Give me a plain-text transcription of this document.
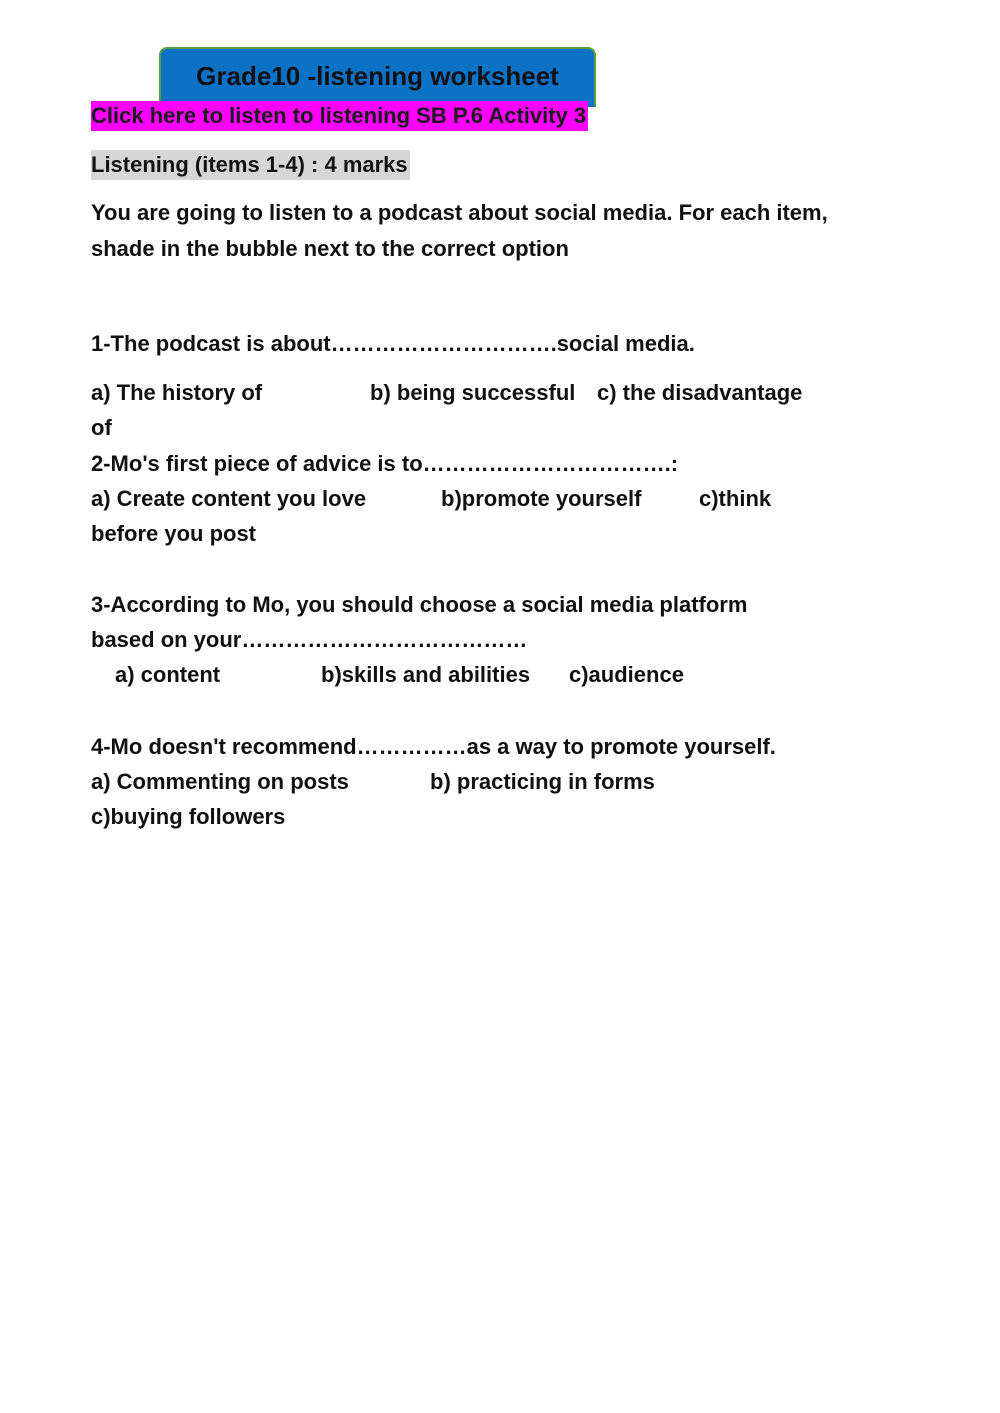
Grade10 -listening worksheet
Click here to listen to listening SB P.6 Activity 3
Listening (items 1-4) : 4 marks
You are going to listen to a podcast about social media. For each item,
shade in the bubble next to the correct option
1-The podcast is about………………………….social media.
a) The history of	b) being successful c) the disadvantage
of
2-Mo's first piece of advice is to…………………………….:
a) Create content you love	b)promote yourself	c)think
before you post
3-According to Mo, you should choose a social media platform
based on your…………………………………
a) content	b)skills and abilities c)audience
4-Mo doesn't recommend……………as a way to promote yourself.
a) Commenting on posts	b) practicing in forms
c)buying followers
